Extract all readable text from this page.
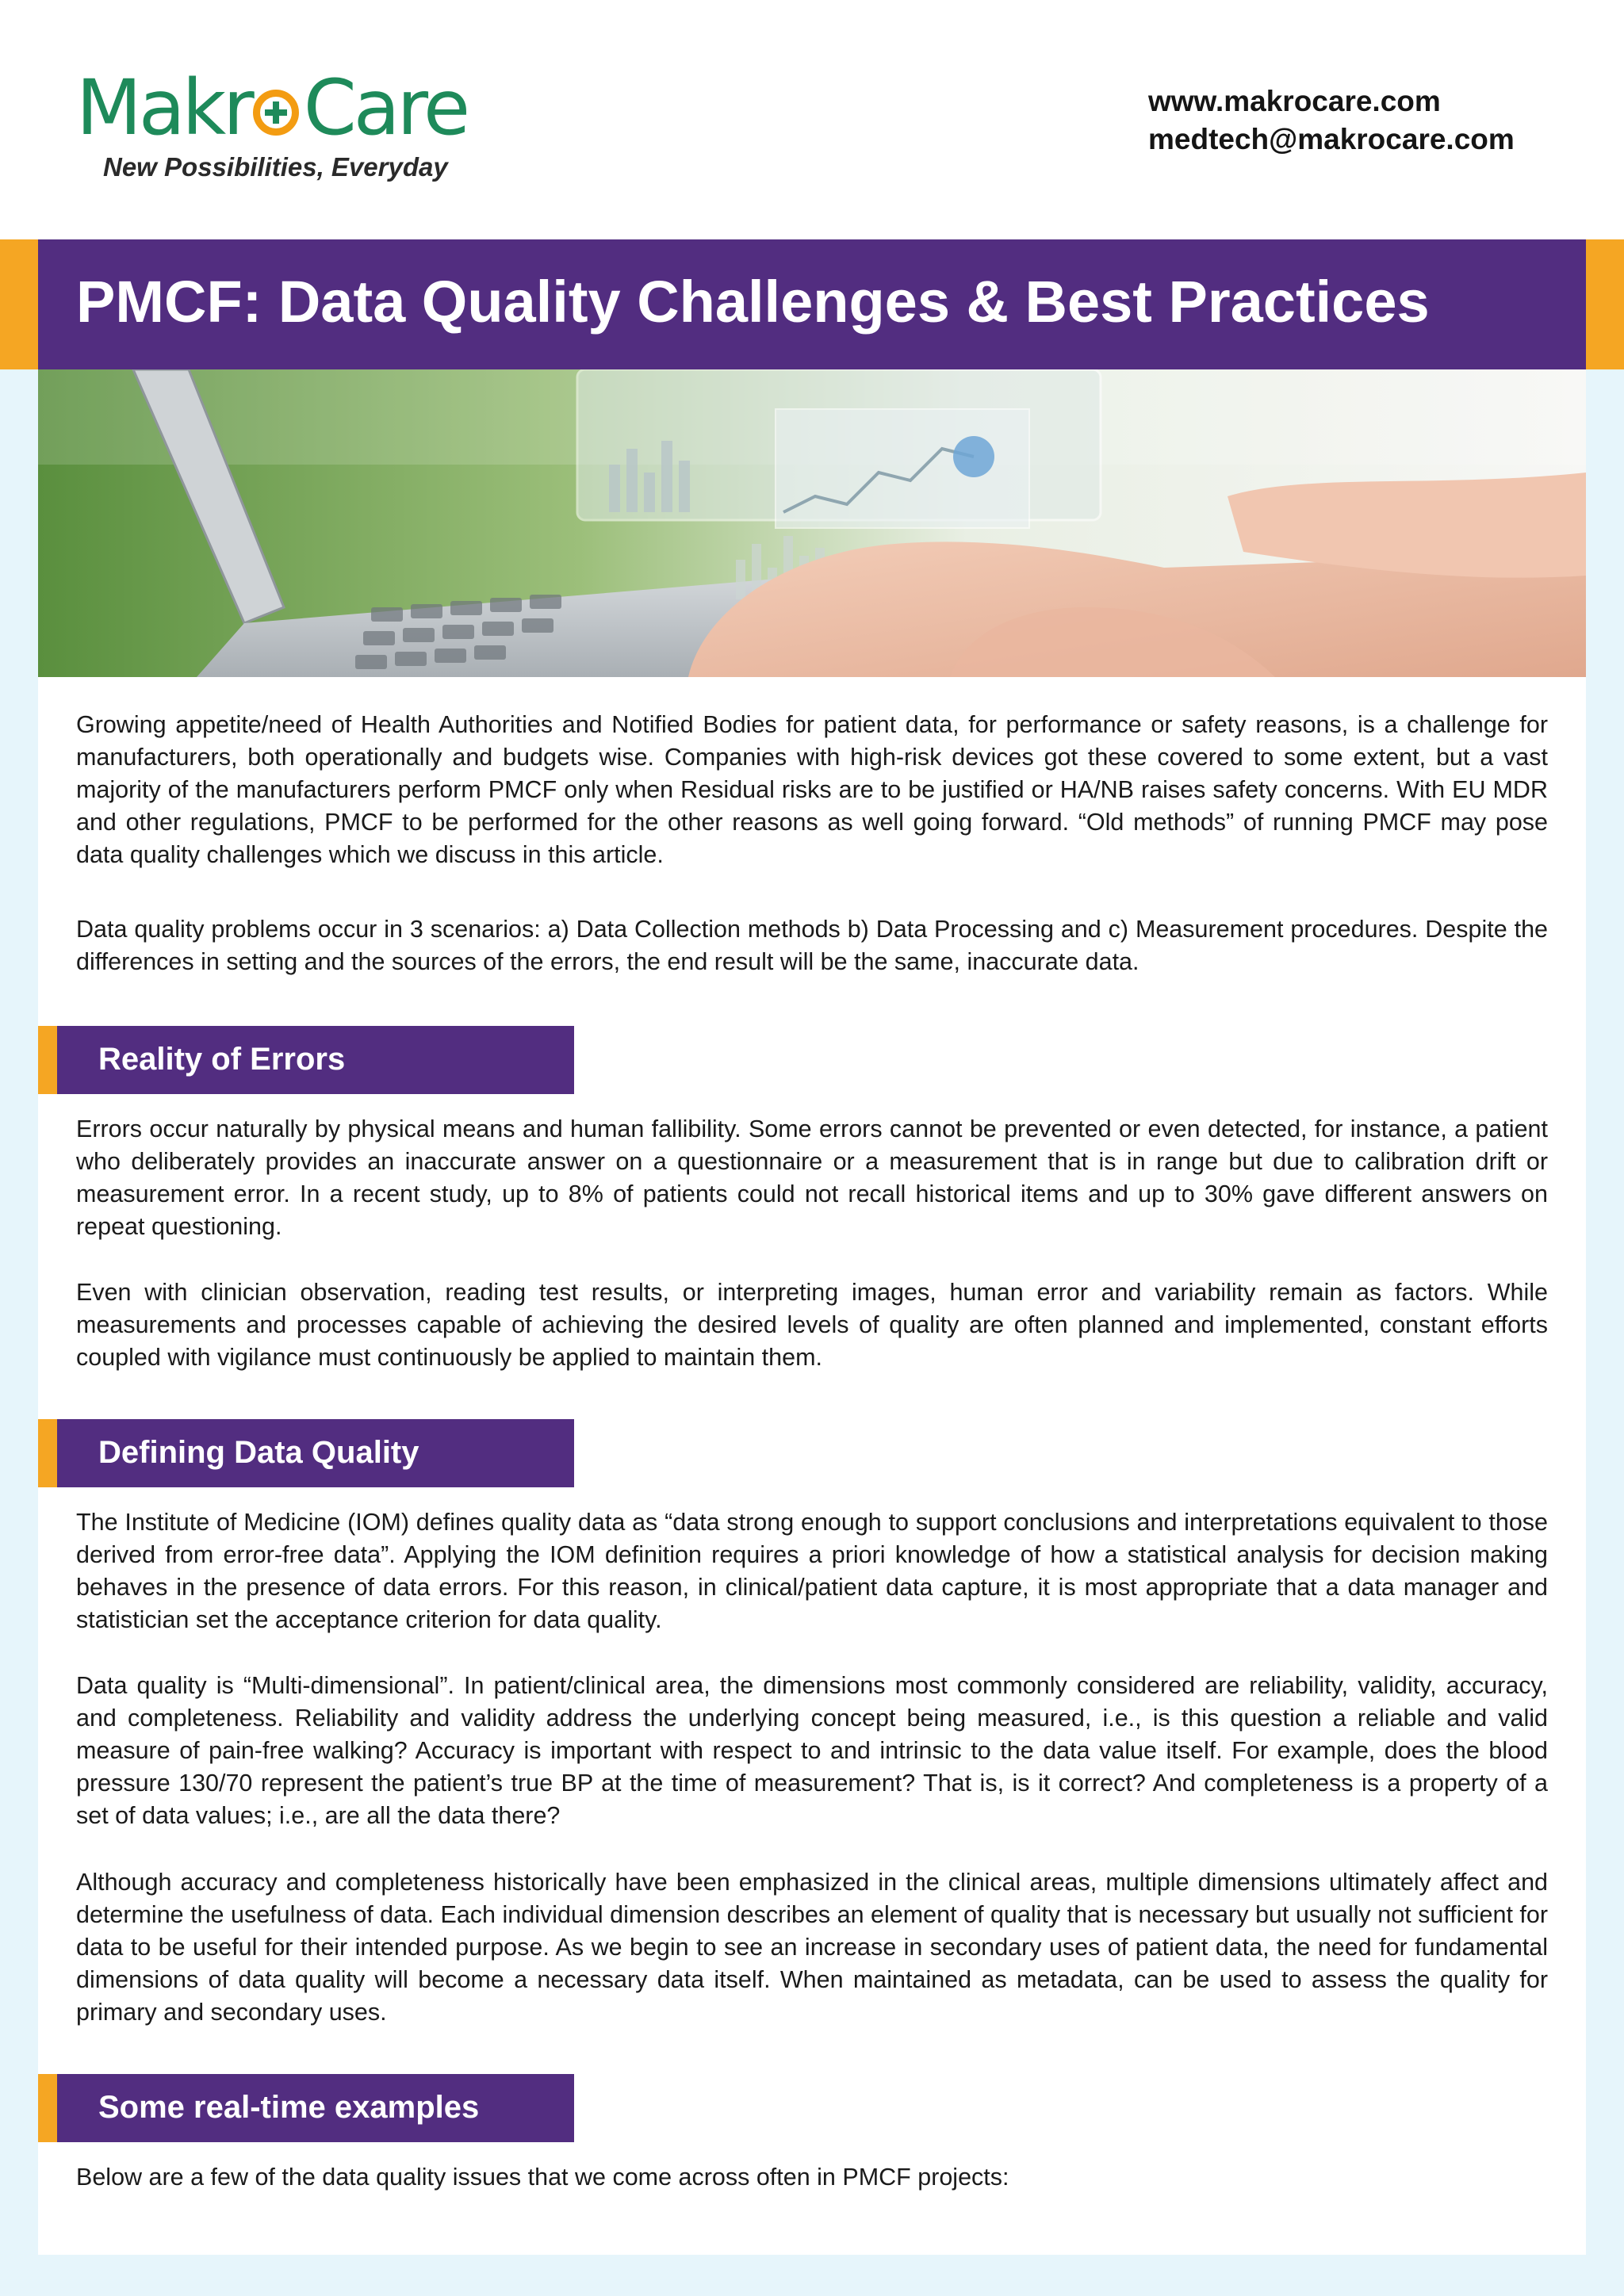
Makr Care
New Possibilities, Everyday
www.makrocare.com
medtech@makrocare.com
PMCF: Data Quality Challenges & Best Practices

Growing appetite/need of Health Authorities and Notified Bodies for patient data, for performance or safety reasons, is a challenge for manufacturers, both operationally and budgets wise. Companies with high-risk devices got these covered to some extent, but a vast majority of the manufacturers perform PMCF only when Residual risks are to be justified or HA/NB raises safety concerns. With EU MDR and other regulations, PMCF to be performed for the other reasons as well going forward. “Old methods” of running PMCF may pose data quality challenges which we discuss in this article.

Data quality problems occur in 3 scenarios: a) Data Collection methods b) Data Processing and c) Measurement procedures. Despite the differences in setting and the sources of the errors, the end result will be the same, inaccurate data.

Reality of Errors

Errors occur naturally by physical means and human fallibility. Some errors cannot be prevented or even detected, for instance, a patient who deliberately provides an inaccurate answer on a questionnaire or a measurement that is in range but due to calibration drift or measurement error. In a recent study, up to 8% of patients could not recall historical items and up to 30% gave different answers on repeat questioning.

Even with clinician observation, reading test results, or interpreting images, human error and variability remain as factors. While measurements and processes capable of achieving the desired levels of quality are often planned and implemented, constant efforts coupled with vigilance must continuously be applied to maintain them.

Defining Data Quality

The Institute of Medicine (IOM) defines quality data as “data strong enough to support conclusions and interpretations equivalent to those derived from error-free data”. Applying the IOM definition requires a priori knowledge of how a statistical analysis for decision making behaves in the presence of data errors. For this reason, in clinical/patient data capture, it is most appropriate that a data manager and statistician set the acceptance criterion for data quality.

Data quality is “Multi-dimensional”. In patient/clinical area, the dimensions most commonly considered are reliability, validity, accuracy, and completeness. Reliability and validity address the underlying concept being measured, i.e., is this question a reliable and valid measure of pain-free walking? Accuracy is important with respect to and intrinsic to the data value itself. For example, does the blood pressure 130/70 represent the patient’s true BP at the time of measurement? That is, is it correct? And completeness is a property of a set of data values; i.e., are all the data there?

Although accuracy and completeness historically have been emphasized in the clinical areas, multiple dimensions ultimately affect and determine the usefulness of data. Each individual dimension describes an element of quality that is necessary but usually not sufficient for data to be useful for their intended purpose. As we begin to see an increase in secondary uses of patient data, the need for fundamental dimensions of data quality will become a necessary data itself. When maintained as metadata, can be used to assess the quality for primary and secondary uses.

Some real-time examples

Below are a few of the data quality issues that we come across often in PMCF projects:
